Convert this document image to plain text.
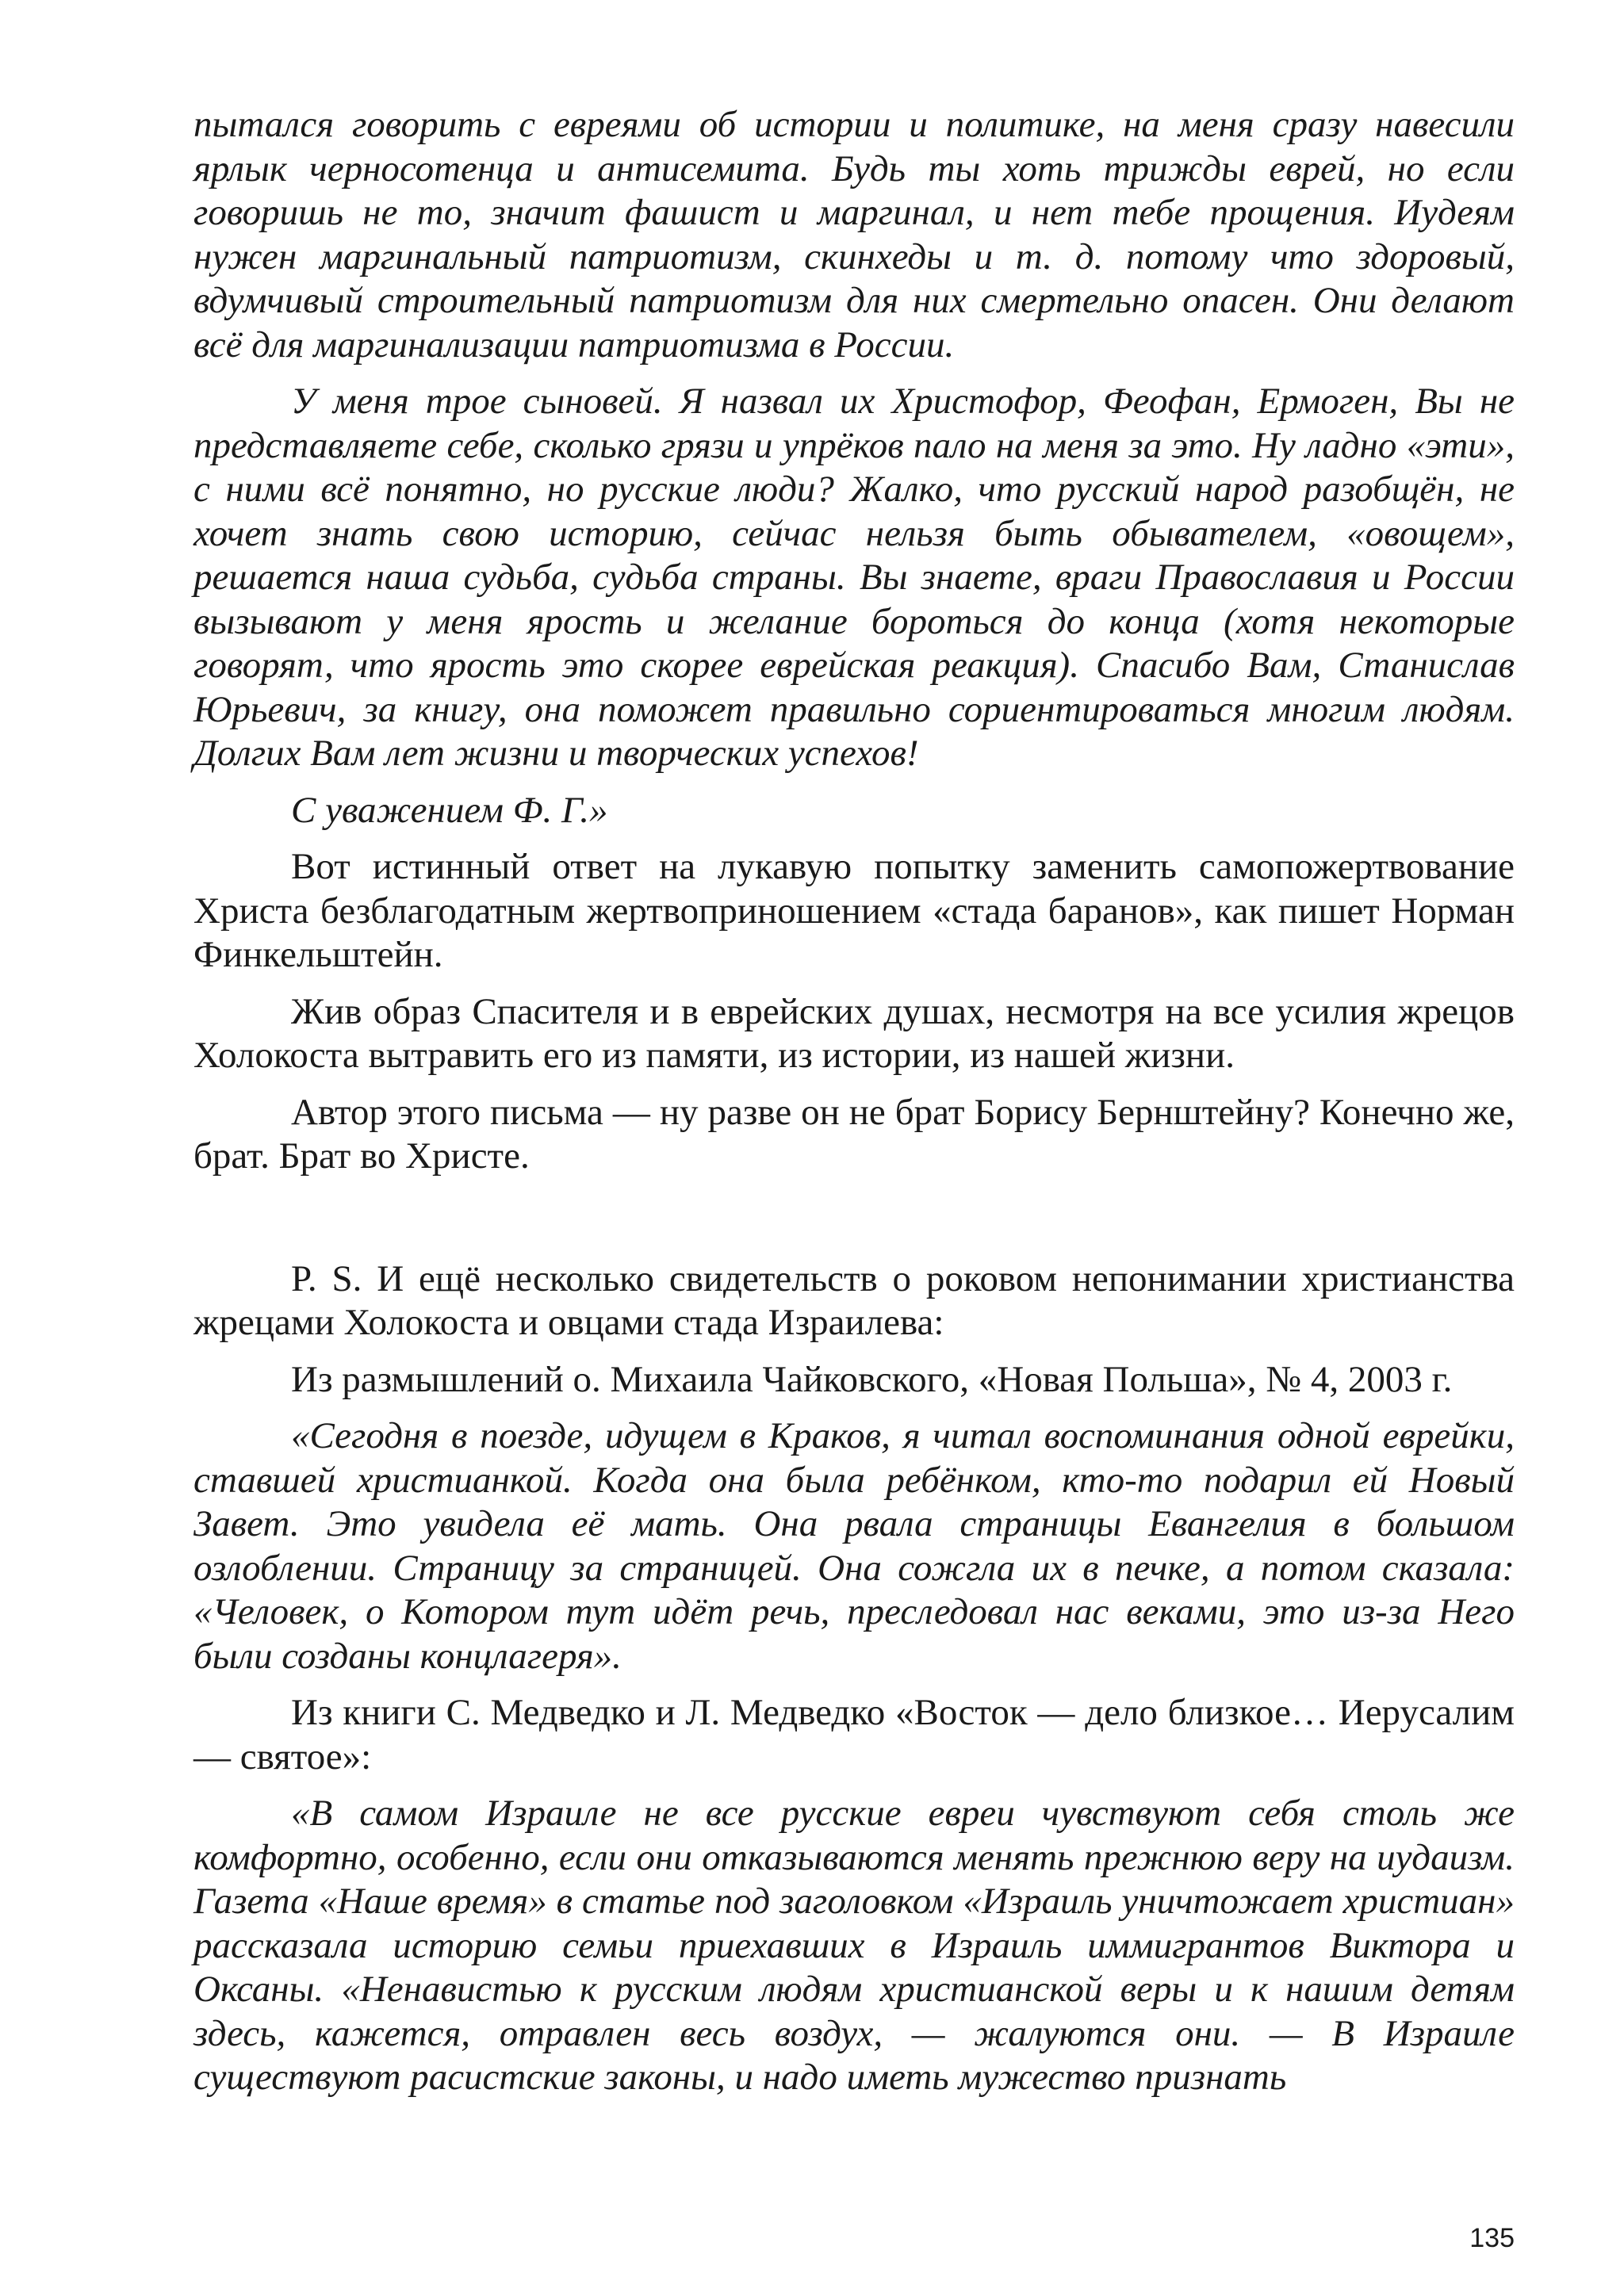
пытался говорить с евреями об истории и политике, на меня сразу навесили ярлык черносотенца и антисемита. Будь ты хоть трижды еврей, но если говоришь не то, значит фашист и маргинал, и нет тебе прощения. Иудеям нужен маргинальный патриотизм, скинхеды и т. д. потому что здоровый, вдумчивый строительный патриотизм для них смертельно опасен. Они делают всё для маргинализации патриотизма в России.

У меня трое сыновей. Я назвал их Христофор, Феофан, Ермоген, Вы не представляете себе, сколько грязи и упрёков пало на меня за это. Ну ладно «эти», с ними всё понятно, но русские люди? Жалко, что русский народ разобщён, не хочет знать свою историю, сейчас нельзя быть обывателем, «овощем», решается наша судьба, судьба страны. Вы знаете, враги Православия и России вызывают у меня ярость и желание бороться до конца (хотя некоторые говорят, что ярость это скорее еврейская реакция). Спасибо Вам, Станислав Юрьевич, за книгу, она поможет правильно сориентироваться многим людям. Долгих Вам лет жизни и творческих успехов!

С уважением Ф. Г.»

Вот истинный ответ на лукавую попытку заменить самопожертвование Христа безблагодатным жертвоприношением «стада баранов», как пишет Норман Финкельштейн.

Жив образ Спасителя и в еврейских душах, несмотря на все усилия жрецов Холокоста вытравить его из памяти, из истории, из нашей жизни.

Автор этого письма — ну разве он не брат Борису Бернштейну? Конечно же, брат. Брат во Христе.

P. S. И ещё несколько свидетельств о роковом непонимании христианства жрецами Холокоста и овцами стада Израилева:

Из размышлений о. Михаила Чайковского, «Новая Польша», № 4, 2003 г.

«Сегодня в поезде, идущем в Краков, я читал воспоминания одной еврейки, ставшей христианкой. Когда она была ребёнком, кто-то подарил ей Новый Завет. Это увидела её мать. Она рвала страницы Евангелия в большом озлоблении. Страницу за страницей. Она сожгла их в печке, а потом сказала: «Человек, о Котором тут идёт речь, преследовал нас веками, это из-за Него были созданы концлагеря».

Из книги С. Медведко и Л. Медведко «Восток — дело близкое… Иерусалим — святое»:

«В самом Израиле не все русские евреи чувствуют себя столь же комфортно, особенно, если они отказываются менять прежнюю веру на иудаизм. Газета «Наше время» в статье под заголовком «Израиль уничтожает христиан» рассказала историю семьи приехавших в Израиль иммигрантов Виктора и Оксаны. «Ненавистью к русским людям христианской веры и к нашим детям здесь, кажется, отравлен весь воздух, — жалуются они. — В Израиле существуют расистские законы, и надо иметь мужество признать

135
